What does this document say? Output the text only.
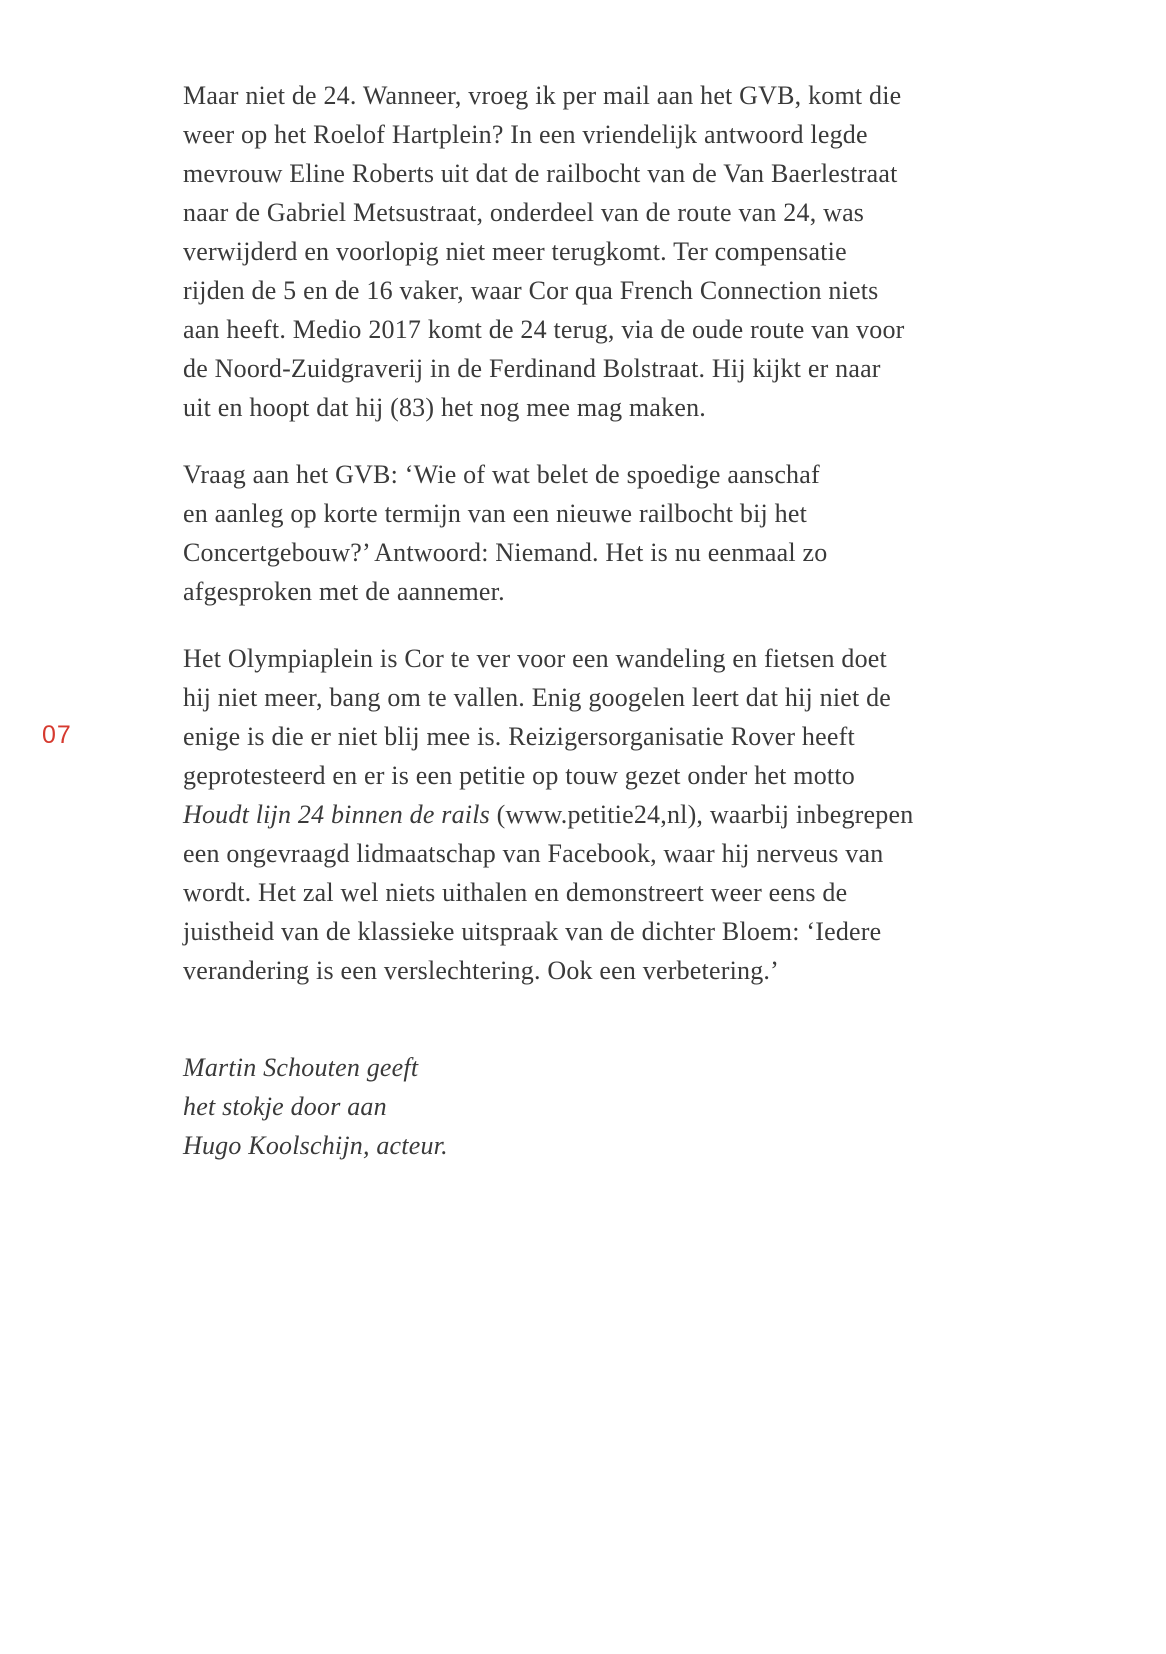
07
Maar niet de 24. Wanneer, vroeg ik per mail aan het GVB, komt die
weer op het Roelof Hartplein? In een vriendelijk antwoord legde
mevrouw Eline Roberts uit dat de railbocht van de Van Baerlestraat
naar de Gabriel Metsustraat, onderdeel van de route van 24, was
verwijderd en voorlopig niet meer terugkomt. Ter compensatie
rijden de 5 en de 16 vaker, waar Cor qua French Connection niets
aan heeft. Medio 2017 komt de 24 terug, via de oude route van voor
de Noord-Zuidgraverij in de Ferdinand Bolstraat. Hij kijkt er naar
uit en hoopt dat hij (83) het nog mee mag maken.
Vraag aan het GVB: ‘Wie of wat belet de spoedige aanschaf
en aanleg op korte termijn van een nieuwe railbocht bij het
Concertgebouw?’ Antwoord: Niemand. Het is nu eenmaal zo
afgesproken met de aannemer.
Het Olympiaplein is Cor te ver voor een wandeling en fietsen doet
hij niet meer, bang om te vallen. Enig googelen leert dat hij niet de
enige is die er niet blij mee is. Reizigersorganisatie Rover heeft
geprotesteerd en er is een petitie op touw gezet onder het motto
Houdt lijn 24 binnen de rails (www.petitie24,nl), waarbij inbegrepen
een ongevraagd lidmaatschap van Facebook, waar hij nerveus van
wordt. Het zal wel niets uithalen en demonstreert weer eens de
juistheid van de klassieke uitspraak van de dichter Bloem: ‘Iedere
verandering is een verslechtering. Ook een verbetering.’
Martin Schouten geeft
het stokje door aan
Hugo Koolschijn, acteur.
